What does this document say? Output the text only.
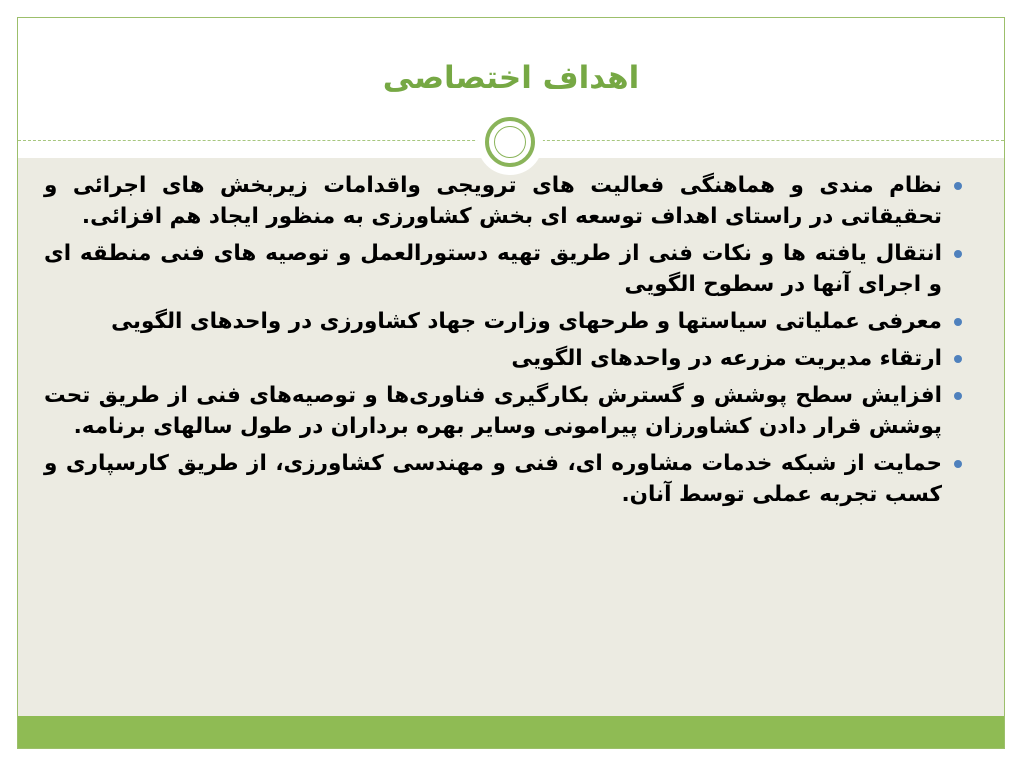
اهداف اختصاصی
نظام مندی و هماهنگی فعالیت های ترویجی واقدامات زیربخش های اجرائی و تحقیقاتی در راستای اهداف توسعه ای بخش کشاورزی به منظور ایجاد هم افزائی.
انتقال یافته ها و نکات فنی از طریق تهیه دستورالعمل و توصیه های فنی منطقه ای و اجرای آنها در سطوح الگویی
معرفی عملیاتی سیاستها و طرحهای وزارت جهاد کشاورزی در واحدهای الگویی
ارتقاء مدیریت مزرعه در واحدهای الگویی
افزایش سطح پوشش و گسترش بکارگیری فناوری‌ها و توصیه‌های فنی از طریق تحت پوشش قرار دادن کشاورزان پیرامونی وسایر بهره برداران در طول سالهای برنامه.
حمایت از شبکه خدمات مشاوره ای، فنی و مهندسی کشاورزی، از طریق کارسپاری و کسب تجربه عملی توسط آنان.
